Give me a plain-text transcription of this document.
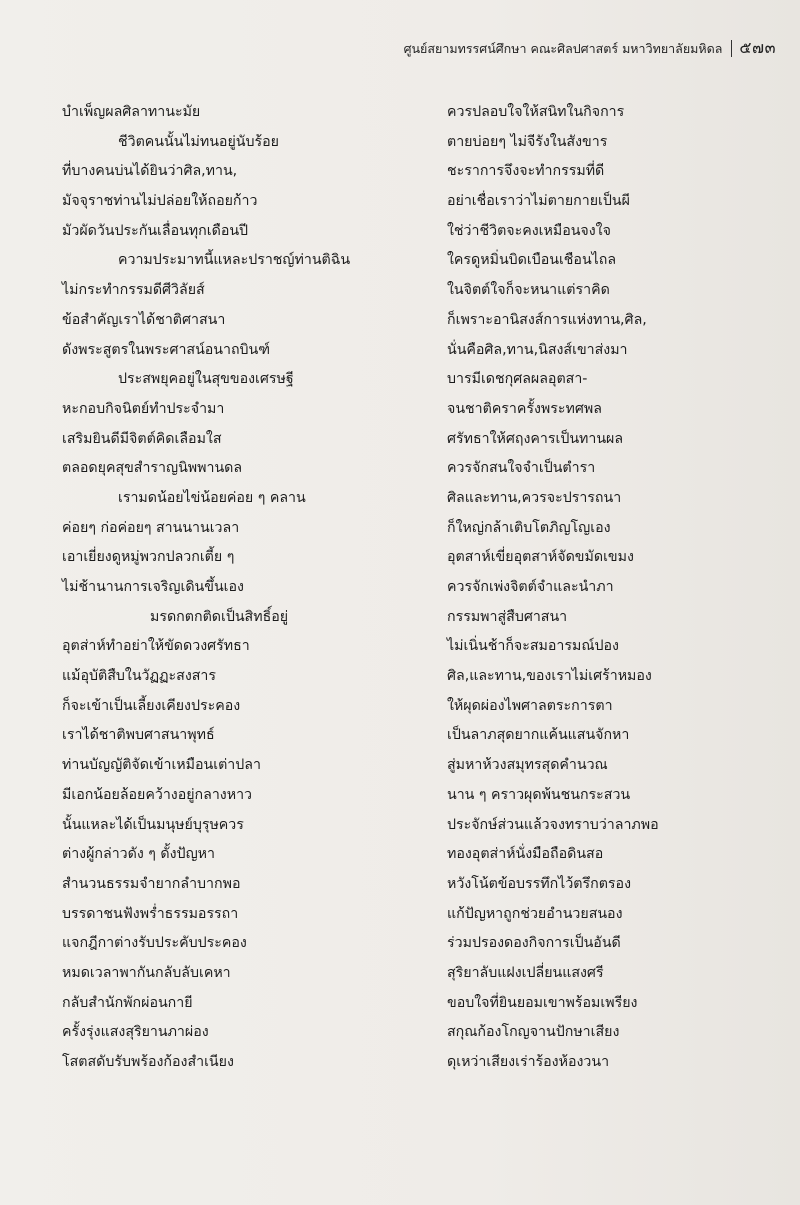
ศูนย์สยามทรรศน์ศึกษา คณะศิลปศาสตร์ มหาวิทยาลัยมหิดล ๕๗๓
บำเพ็ญผลศิลาทานะมัย
ชีวิตคนนั้นไม่ทนอยู่นับร้อย
ที่บางคนบ่นได้ยินว่าศิล,ทาน,
มัจจุราชท่านไม่ปล่อยให้ถอยก้าว
มัวผัดวันประกันเลื่อนทุกเดือนปี
ความประมาทนี้แหละปราชญ์ท่านติฉิน
ไม่กระทำกรรมดีศีวิลัยส์
ข้อสำคัญเราได้ชาติศาสนา
ดังพระสูตรในพระศาสน์อนาถบินฑ์
ประสพยุคอยู่ในสุขของเศรษฐี
หะกอบกิจนิตย์ทำประจำมา
เสริมยินดีมีจิตต์คิดเลือมใส
ตลอดยุคสุขสำราญนิพพานดล
เรามดน้อยไข่น้อยค่อย ๆ คลาน
ค่อยๆ ก่อค่อยๆ สานนานเวลา
เอาเยี่ยงดูหมู่พวกปลวกเตี้ย ๆ
ไม่ช้านานการเจริญเดินขึ้นเอง
มรดกตกติดเป็นสิทธิ์อยู่
อุตส่าห์ทำอย่าให้ขัดดวงศรัทธา
แม้อุบัติสืบในวัฏฏะสงสาร
ก็จะเข้าเป็นเลี้ยงเคียงประคอง
เราได้ชาติพบศาสนาพุทธ์
ท่านบัญญัติจัดเข้าเหมือนเต่าปลา
มีเอกน้อยล้อยคว้างอยู่กลางหาว
นั้นแหละได้เป็นมนุษย์บุรุษควร
ต่างผู้กล่าวดัง ๆ ดั้งปัญหา
สำนวนธรรมจำยากลำบากพอ
บรรดาชนฟังพร่ำธรรมอรรถา
แจกฎีกาต่างรับประคับประคอง
หมดเวลาพากันกลับลับเคหา
กลับสำนักพักผ่อนกายี
ครั้งรุ่งแสงสุริยานภาผ่อง
โสตสดับรับพร้องก้องสำเนียง
ควรปลอบใจให้สนิทในกิจการ
ตายบ่อยๆ ไม่จีรังในสังขาร
ชะราการจึงจะทำกรรมที่ดี
อย่าเชื่อเราว่าไม่ตายกายเป็นผี
ใช่ว่าชีวิตจะคงเหมือนจงใจ
ใครดูหมิ่นบิดเบือนเชือนไถล
ในจิตต์ใจก็จะหนาแต่ราคิด
ก็เพราะอานิสงส์การแห่งทาน,ศิล,
นั่นคือศิล,ทาน,นิสงส์เขาส่งมา
บารมีเดชกุศลผลอุตสา-
จนชาติคราครั้งพระทศพล
ศรัทธาให้ศฤงคารเป็นทานผล
ควรจักสนใจจำเป็นตำรา
ศิลและทาน,ควรจะปรารถนา
ก็ใหญ่กล้าเติบโตภิญโญเอง
อุตสาห์เขี่ยอุตสาห์จัดขมัดเขมง
ควรจักเพ่งจิตต์จำและนำภา
กรรมพาสู่สืบศาสนา
ไม่เนิ่นช้าก็จะสมอารมณ์ปอง
ศิล,และทาน,ของเราไม่เศร้าหมอง
ให้ผุดผ่องไพศาลตระการตา
เป็นลาภสุดยากแค้นแสนจักหา
สู่มหาห้วงสมุทรสุดคำนวณ
นาน ๆ คราวผุดพ้นชนกระสวน
ประจักษ์ส่วนแล้วจงทราบว่าลาภพอ
ทองอุตส่าห์นั่งมือถือดินสอ
หวังโน้ตข้อบรรทึกไว้ตรึกตรอง
แก้ปัญหาถูกช่วยอำนวยสนอง
ร่วมปรองดองกิจการเป็นอันดี
สุริยาลับแฝงเปลี่ยนแสงศรี
ขอบใจที่ยินยอมเขาพร้อมเพรียง
สกุณก้องโกญจานปักษาเสียง
ดุเหว่าเสียงเร่าร้องห้องวนา
